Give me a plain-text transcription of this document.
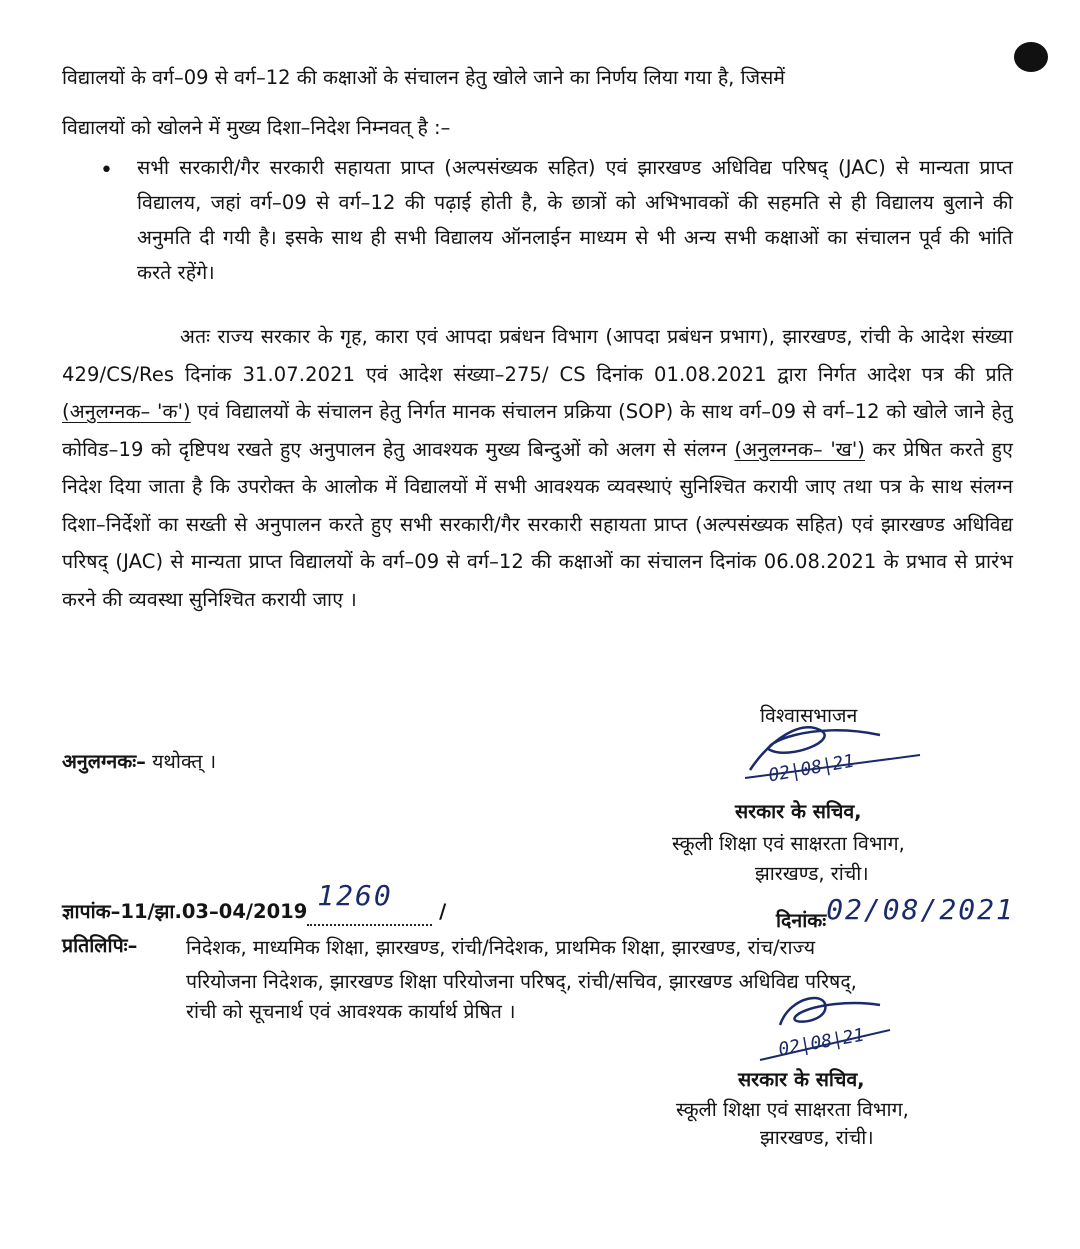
विद्यालयों के वर्ग–09 से वर्ग–12 की कक्षाओं के संचालन हेतु खोले जाने का निर्णय लिया गया है, जिसमें
विद्यालयों को खोलने में मुख्य दिशा–निदेश निम्नवत् है :–
• सभी सरकारी/गैर सरकारी सहायता प्राप्त (अल्पसंख्यक सहित) एवं झारखण्ड अधिविद्य परिषद् (JAC) से मान्यता प्राप्त विद्यालय, जहां वर्ग–09 से वर्ग–12 की पढ़ाई होती है, के छात्रों को अभिभावकों की सहमति से ही विद्यालय बुलाने की अनुमति दी गयी है। इसके साथ ही सभी विद्यालय ऑनलाईन माध्यम से भी अन्य सभी कक्षाओं का संचालन पूर्व की भांति करते रहेंगे।
अतः राज्य सरकार के गृह, कारा एवं आपदा प्रबंधन विभाग (आपदा प्रबंधन प्रभाग), झारखण्ड, रांची के आदेश संख्या 429/CS/Res दिनांक 31.07.2021 एवं आदेश संख्या–275/ CS दिनांक 01.08.2021 द्वारा निर्गत आदेश पत्र की प्रति (अनुलग्नक– 'क') एवं विद्यालयों के संचालन हेतु निर्गत मानक संचालन प्रक्रिया (SOP) के साथ वर्ग–09 से वर्ग–12 को खोले जाने हेतु कोविड–19 को दृष्टिपथ रखते हुए अनुपालन हेतु आवश्यक मुख्य बिन्दुओं को अलग से संलग्न (अनुलग्नक– 'ख') कर प्रेषित करते हुए निदेश दिया जाता है कि उपरोक्त के आलोक में विद्यालयों में सभी आवश्यक व्यवस्थाएं सुनिश्चित करायी जाए तथा पत्र के साथ संलग्न दिशा–निर्देशों का सख्ती से अनुपालन करते हुए सभी सरकारी/गैर सरकारी सहायता प्राप्त (अल्पसंख्यक सहित) एवं झारखण्ड अधिविद्य परिषद् (JAC) से मान्यता प्राप्त विद्यालयों के वर्ग–09 से वर्ग–12 की कक्षाओं का संचालन दिनांक 06.08.2021 के प्रभाव से प्रारंभ करने की व्यवस्था सुनिश्चित करायी जाए ।
विश्वासभाजन
02|08|21
अनुलग्नकः– यथोक्त् ।
सरकार के सचिव,
स्कूली शिक्षा एवं साक्षरता विभाग,
झारखण्ड, रांची।
ज्ञापांक–11/झा.03–04/2019 1260 /	दिनांकः02/08/2021
प्रतिलिपिः– निदेशक, माध्यमिक शिक्षा, झारखण्ड, रांची/निदेशक, प्राथमिक शिक्षा, झारखण्ड, रांच/राज्य
परियोजना निदेशक, झारखण्ड शिक्षा परियोजना परिषद्, रांची/सचिव, झारखण्ड अधिविद्य परिषद्,
रांची को सूचनार्थ एवं आवश्यक कार्यार्थ प्रेषित ।
02|08|21
सरकार के सचिव,
स्कूली शिक्षा एवं साक्षरता विभाग,
झारखण्ड, रांची।
